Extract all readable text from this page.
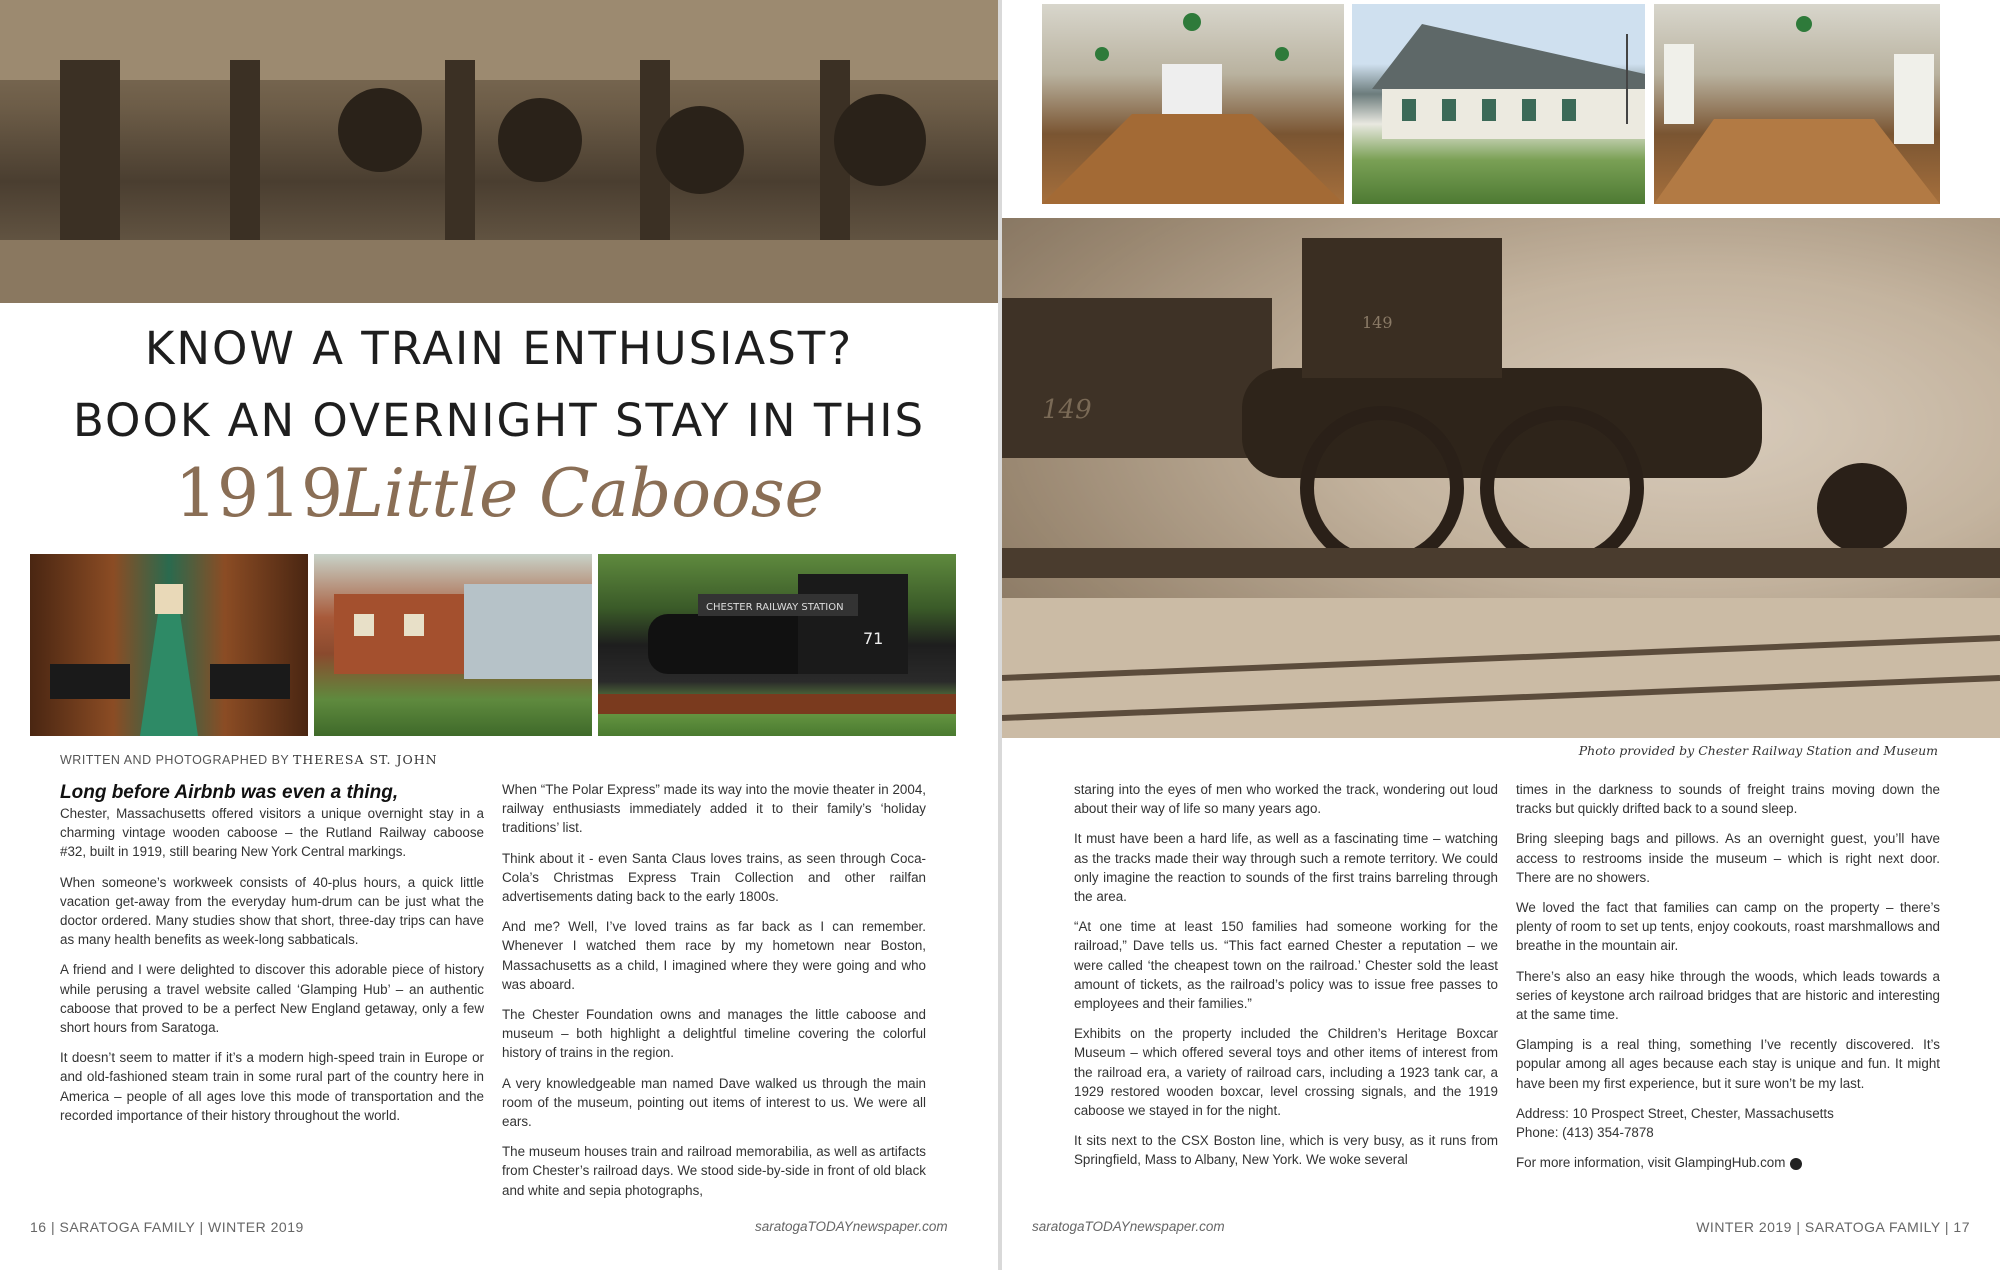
KNOW A TRAIN ENTHUSIAST?
BOOK AN OVERNIGHT STAY IN THIS
1919
Little Caboose
CHESTER RAILWAY STATION
71
WRITTEN AND PHOTOGRAPHED BY THERESA ST. JOHN
Long before Airbnb was even a thing,

Chester, Massachusetts offered visitors a unique overnight stay in a charming vintage wooden caboose – the Rutland Railway caboose #32, built in 1919, still bearing New York Central markings.

When someone’s workweek consists of 40-plus hours, a quick little vacation get-away from the everyday hum-drum can be just what the doctor ordered. Many studies show that short, three-day trips can have as many health benefits as week-long sabbaticals.

A friend and I were delighted to discover this adorable piece of history while perusing a travel website called ‘Glamping Hub’ – an authentic caboose that proved to be a perfect New England getaway, only a few short hours from Saratoga.

It doesn’t seem to matter if it’s a modern high-speed train in Europe or and old-fashioned steam train in some rural part of the country here in America – people of all ages love this mode of transportation and the recorded importance of their history throughout the world.

When “The Polar Express” made its way into the movie theater in 2004, railway enthusiasts immediately added it to their family’s ‘holiday traditions’ list.

Think about it - even Santa Claus loves trains, as seen through Coca-Cola’s Christmas Express Train Collection and other railfan advertisements dating back to the early 1800s.

And me? Well, I’ve loved trains as far back as I can remember. Whenever I watched them race by my hometown near Boston, Massachusetts as a child, I imagined where they were going and who was aboard.

The Chester Foundation owns and manages the little caboose and museum – both highlight a delightful timeline covering the colorful history of trains in the region.

A very knowledgeable man named Dave walked us through the main room of the museum, pointing out items of interest to us. We were all ears.

The museum houses train and railroad memorabilia, as well as artifacts from Chester’s railroad days. We stood side-by-side in front of old black and white and sepia photographs,

16 | SARATOGA FAMILY | WINTER 2019	saratogaTODAYnewspaper.com
149
149
Photo provided by Chester Railway Station and Museum

staring into the eyes of men who worked the track, wondering out loud about their way of life so many years ago.

It must have been a hard life, as well as a fascinating time – watching as the tracks made their way through such a remote territory. We could only imagine the reaction to sounds of the first trains barreling through the area.

“At one time at least 150 families had someone working for the railroad,” Dave tells us. “This fact earned Chester a reputation – we were called ‘the cheapest town on the railroad.’ Chester sold the least amount of tickets, as the railroad’s policy was to issue free passes to employees and their families.”

Exhibits on the property included the Children’s Heritage Boxcar Museum – which offered several toys and other items of interest from the railroad era, a variety of railroad cars, including a 1923 tank car, a 1929 restored wooden boxcar, level crossing signals, and the 1919 caboose we stayed in for the night.

It sits next to the CSX Boston line, which is very busy, as it runs from Springfield, Mass to Albany, New York. We woke several

times in the darkness to sounds of freight trains moving down the tracks but quickly drifted back to a sound sleep.

Bring sleeping bags and pillows. As an overnight guest, you’ll have access to restrooms inside the museum – which is right next door. There are no showers.

We loved the fact that families can camp on the property – there’s plenty of room to set up tents, enjoy cookouts, roast marshmallows and breathe in the mountain air.

There’s also an easy hike through the woods, which leads towards a series of keystone arch railroad bridges that are historic and interesting at the same time.

Glamping is a real thing, something I’ve recently discovered. It’s popular among all ages because each stay is unique and fun. It might have been my first experience, but it sure won’t be my last.

Address: 10 Prospect Street, Chester, Massachusetts
Phone: (413) 354-7878

For more information, visit GlampingHub.com

saratogaTODAYnewspaper.com	WINTER 2019 | SARATOGA FAMILY | 17
